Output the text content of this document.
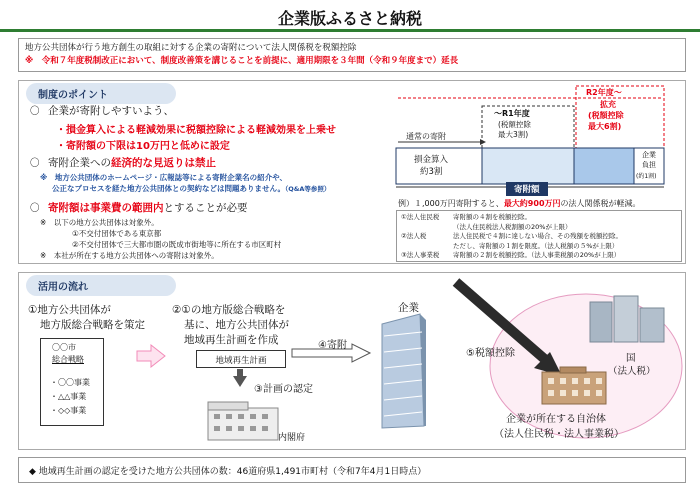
企業版ふるさと納税
地方公共団体が行う地方創生の取組に対する企業の寄附について法人関係税を税額控除
※　令和７年度税制改正において、制度改善策を講じることを前提に、適用期限を３年間（令和９年度まで）延長
制度のポイント
〇 企業が寄附しやすいよう、
・損金算入による軽減効果に税額控除による軽減効果を上乗せ
・寄附額の下限は10万円と低めに設定
〇 寄附企業への経済的な見返りは禁止
※　地方公共団体のホームページ・広報誌等による寄附企業名の紹介や、
公正なプロセスを経た地方公共団体との契約などは問題ありません。（Q&A等参照）
〇 寄附額は事業費の範囲内とすることが必要
※　以下の地方公共団体は対象外。
①不交付団体である東京都
②不交付団体で三大都市圏の既成市街地等に所在する市区町村
※　本社が所在する地方公共団体への寄附は対象外。
R2年度～
拡充
(税額控除
最大6割)
～R1年度
(税額控除
最大3割)
通常の寄附
損金算入
約3割
企業
負担
(約1割)
寄附額
例）１,000万円寄附すると、最大約900万円の法人関係税が軽減。
①法人住民税	寄附額の４割を税額控除。
（法人住民税法人税割額の20%が上限）
②法人税	法人住民税で４割に達しない場合、その残額を税額控除。
ただし、寄附額の１割を限度。（法人税額の５%が上限）
③法人事業税	寄附額の２割を税額控除。（法人事業税額の20%が上限）
活用の流れ
①地方公共団体が
地方版総合戦略を策定
〇〇市
総合戦略
・〇〇事業
・△△事業
・◇◇事業
②①の地方版総合戦略を
基に、地方公共団体が
地域再生計画を作成
地域再生計画
③計画の認定
内閣府
④寄附
企業
⑤税額控除	国
（法人税）
企業が所在する自治体
（法人住民税・法人事業税）
◆ 地域再生計画の認定を受けた地方公共団体の数：46道府県1,491市町村（令和7年4月1日時点）
